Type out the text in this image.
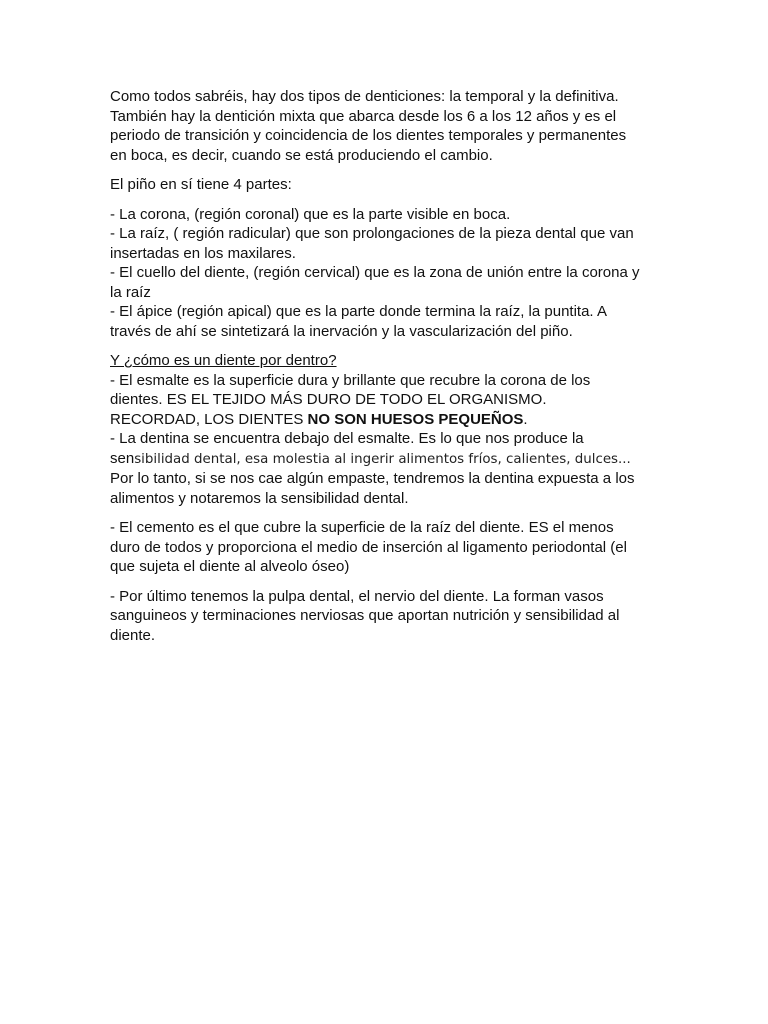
Como todos sabréis, hay dos tipos de denticiones: la temporal y la definitiva.

También hay la dentición mixta que abarca desde los 6 a los 12 años y es el

periodo de transición y coincidencia de los dientes temporales y permanentes

en boca, es decir, cuando se está produciendo el cambio.

El piño en sí tiene 4 partes:

- La corona, (región coronal) que es la parte visible en boca.

- La raíz, ( región radicular) que son prolongaciones de la pieza dental que van

insertadas en los maxilares.

- El cuello del diente, (región cervical) que es la zona de unión entre la corona y

la raíz

- El ápice (región apical) que es la parte donde termina la raíz, la puntita. A

través de ahí se sintetizará la inervación y la vascularización del piño.

Y ¿cómo es un diente por dentro?

- El esmalte es la superficie dura y brillante que recubre la corona de los

dientes. ES EL TEJIDO MÁS DURO DE TODO EL ORGANISMO.

RECORDAD, LOS DIENTES NO SON HUESOS PEQUEÑOS.

- La dentina se encuentra debajo del esmalte. Es lo que nos produce la

sensibilidad dental, esa molestia al ingerir alimentos fríos, calientes, dulces...

Por lo tanto, si se nos cae algún empaste, tendremos la dentina expuesta a los

alimentos y notaremos la sensibilidad dental.

- El cemento es el que cubre la superficie de la raíz del diente. ES el menos

duro de todos y proporciona el medio de inserción al ligamento periodontal (el

que sujeta el diente al alveolo óseo)

- Por último tenemos la pulpa dental, el nervio del diente. La forman vasos

sanguineos y terminaciones nerviosas que aportan nutrición y sensibilidad al

diente.
